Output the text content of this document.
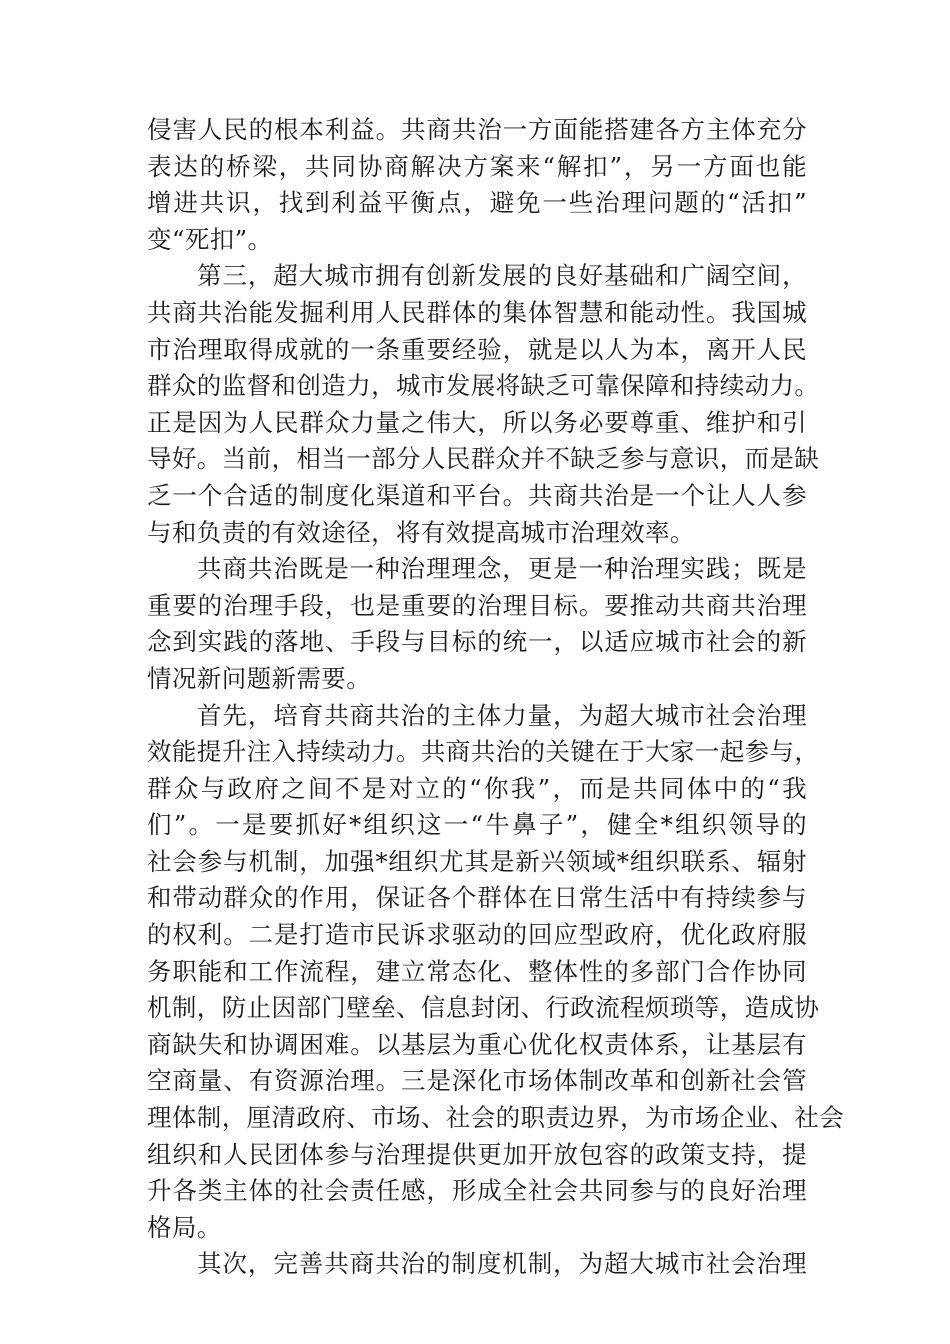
侵害人民的根本利益。共商共治一方面能搭建各方主体充分
表达的桥梁，共同协商解决方案来“解扣”，另一方面也能
增进共识，找到利益平衡点，避免一些治理问题的“活扣”
变“死扣”。
第三，超大城市拥有创新发展的良好基础和广阔空间，
共商共治能发掘利用人民群体的集体智慧和能动性。我国城
市治理取得成就的一条重要经验，就是以人为本，离开人民
群众的监督和创造力，城市发展将缺乏可靠保障和持续动力。
正是因为人民群众力量之伟大，所以务必要尊重、维护和引
导好。当前，相当一部分人民群众并不缺乏参与意识，而是缺
乏一个合适的制度化渠道和平台。共商共治是一个让人人参
与和负责的有效途径，将有效提高城市治理效率。
共商共治既是一种治理理念，更是一种治理实践；既是
重要的治理手段，也是重要的治理目标。要推动共商共治理
念到实践的落地、手段与目标的统一，以适应城市社会的新
情况新问题新需要。
首先，培育共商共治的主体力量，为超大城市社会治理
效能提升注入持续动力。共商共治的关键在于大家一起参与，
群众与政府之间不是对立的“你我”，而是共同体中的“我
们”。一是要抓好*组织这一“牛鼻子”，健全*组织领导的
社会参与机制，加强*组织尤其是新兴领域*组织联系、辐射
和带动群众的作用，保证各个群体在日常生活中有持续参与
的权利。二是打造市民诉求驱动的回应型政府，优化政府服
务职能和工作流程，建立常态化、整体性的多部门合作协同
机制，防止因部门壁垒、信息封闭、行政流程烦琐等，造成协
商缺失和协调困难。以基层为重心优化权责体系，让基层有
空商量、有资源治理。三是深化市场体制改革和创新社会管
理体制，厘清政府、市场、社会的职责边界，为市场企业、社会
组织和人民团体参与治理提供更加开放包容的政策支持，提
升各类主体的社会责任感，形成全社会共同参与的良好治理
格局。
其次，完善共商共治的制度机制，为超大城市社会治理
